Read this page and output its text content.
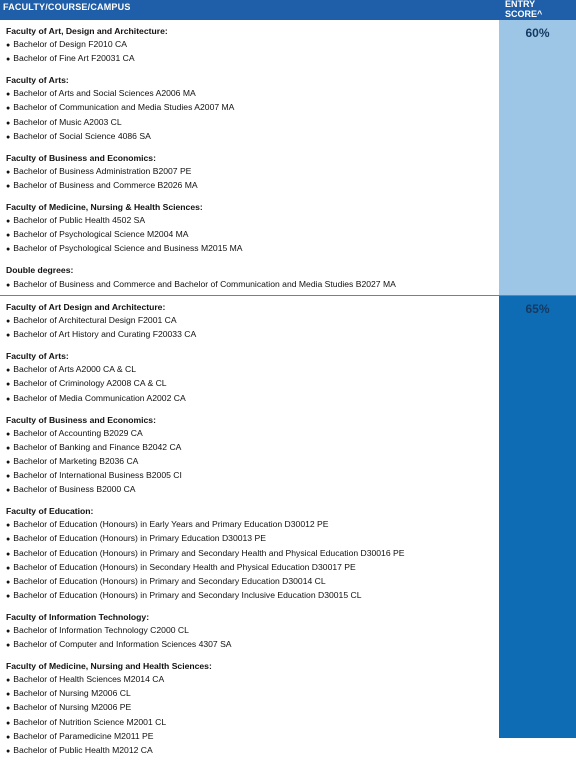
FACULTY/COURSE/CAMPUS	ENTRY
SCORE^
Faculty of Art, Design and Architecture:
● Bachelor of Design F2010 CA
● Bachelor of Fine Art F20031 CA
Faculty of Arts:
● Bachelor of Arts and Social Sciences A2006 MA
● Bachelor of Communication and Media Studies A2007 MA
● Bachelor of Music A2003 CL
● Bachelor of Social Science 4086 SA
Faculty of Business and Economics:
● Bachelor of Business Administration B2007 PE
● Bachelor of Business and Commerce B2026 MA
Faculty of Medicine, Nursing & Health Sciences:
● Bachelor of Public Health 4502 SA
● Bachelor of Psychological Science M2004 MA
● Bachelor of Psychological Science and Business M2015 MA
Double degrees:
● Bachelor of Business and Commerce and Bachelor of Communication and Media Studies B2027 MA
60%
Faculty of Art Design and Architecture:
● Bachelor of Architectural Design F2001 CA
● Bachelor of Art History and Curating F20033 CA
Faculty of Arts:
● Bachelor of Arts A2000 CA & CL
● Bachelor of Criminology A2008 CA & CL
● Bachelor of Media Communication A2002 CA
Faculty of Business and Economics:
● Bachelor of Accounting B2029 CA
● Bachelor of Banking and Finance B2042 CA
● Bachelor of Marketing B2036 CA
● Bachelor of International Business B2005 CI
● Bachelor of Business B2000 CA
Faculty of Education:
● Bachelor of Education (Honours) in Early Years and Primary Education D30012 PE
● Bachelor of Education (Honours) in Primary Education D30013 PE
● Bachelor of Education (Honours) in Primary and Secondary Health and Physical Education D30016 PE
● Bachelor of Education (Honours) in Secondary Health and Physical Education D30017 PE
● Bachelor of Education (Honours) in Primary and Secondary Education D30014 CL
● Bachelor of Education (Honours) in Primary and Secondary Inclusive Education D30015 CL
Faculty of Information Technology:
● Bachelor of Information Technology C2000 CL
● Bachelor of Computer and Information Sciences 4307 SA
Faculty of Medicine, Nursing and Health Sciences:
● Bachelor of Health Sciences M2014 CA
● Bachelor of Nursing M2006 CL
● Bachelor of Nursing M2006 PE
● Bachelor of Nutrition Science M2001 CL
● Bachelor of Paramedicine M2011 PE
● Bachelor of Public Health M2012 CA
65%
